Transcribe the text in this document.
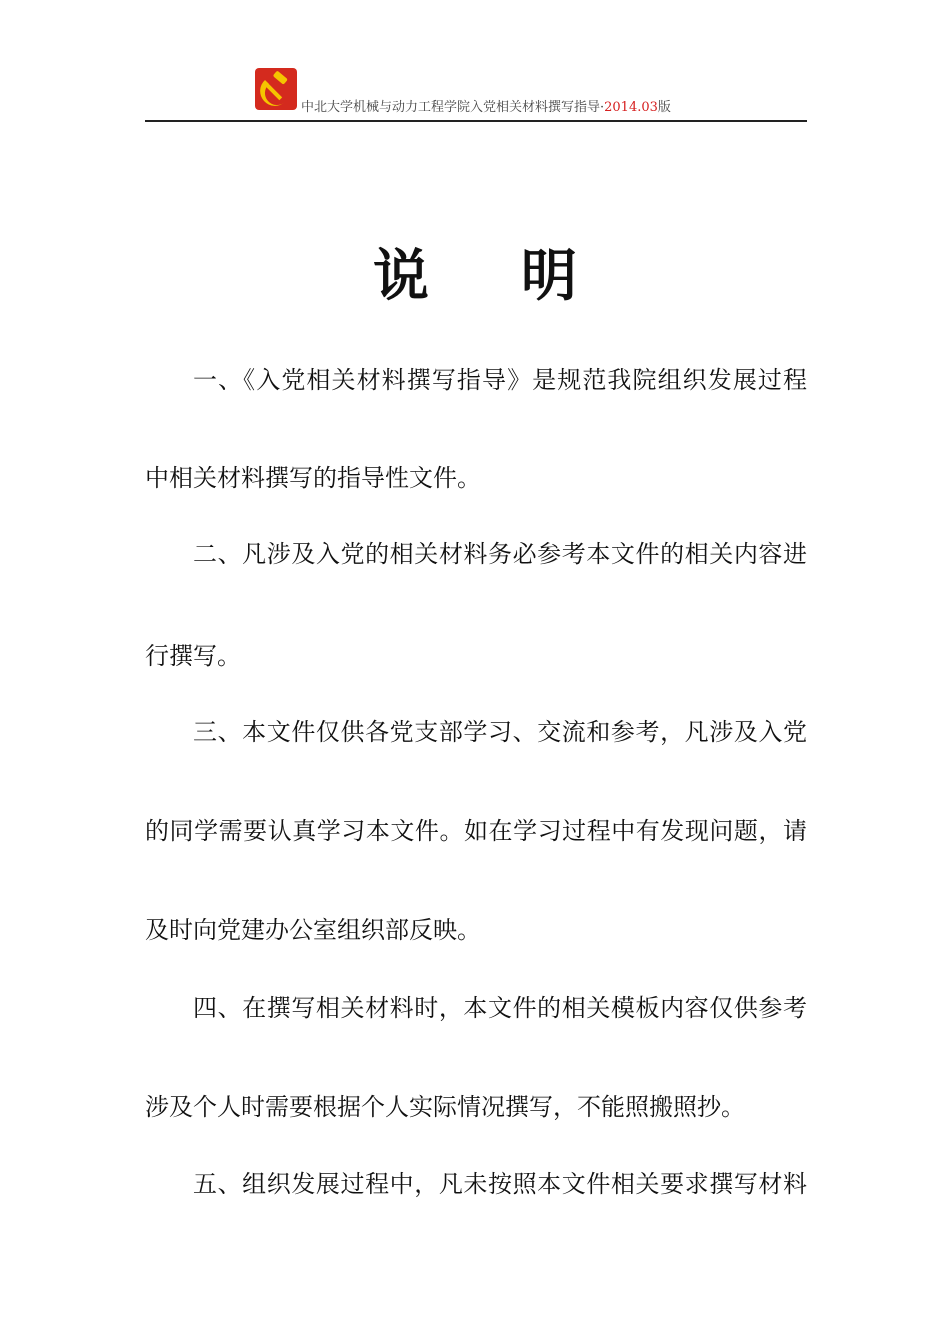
中北大学机械与动力工程学院入党相关材料撰写指导·2014.03版
说 明
一、《入党相关材料撰写指导》是规范我院组织发展过程
中相关材料撰写的指导性文件。
二、凡涉及入党的相关材料务必参考本文件的相关内容进
行撰写。
三、本文件仅供各党支部学习、交流和参考，凡涉及入党
的同学需要认真学习本文件。如在学习过程中有发现问题，请
及时向党建办公室组织部反映。
四、在撰写相关材料时，本文件的相关模板内容仅供参考
涉及个人时需要根据个人实际情况撰写，不能照搬照抄。
五、组织发展过程中，凡未按照本文件相关要求撰写材料
